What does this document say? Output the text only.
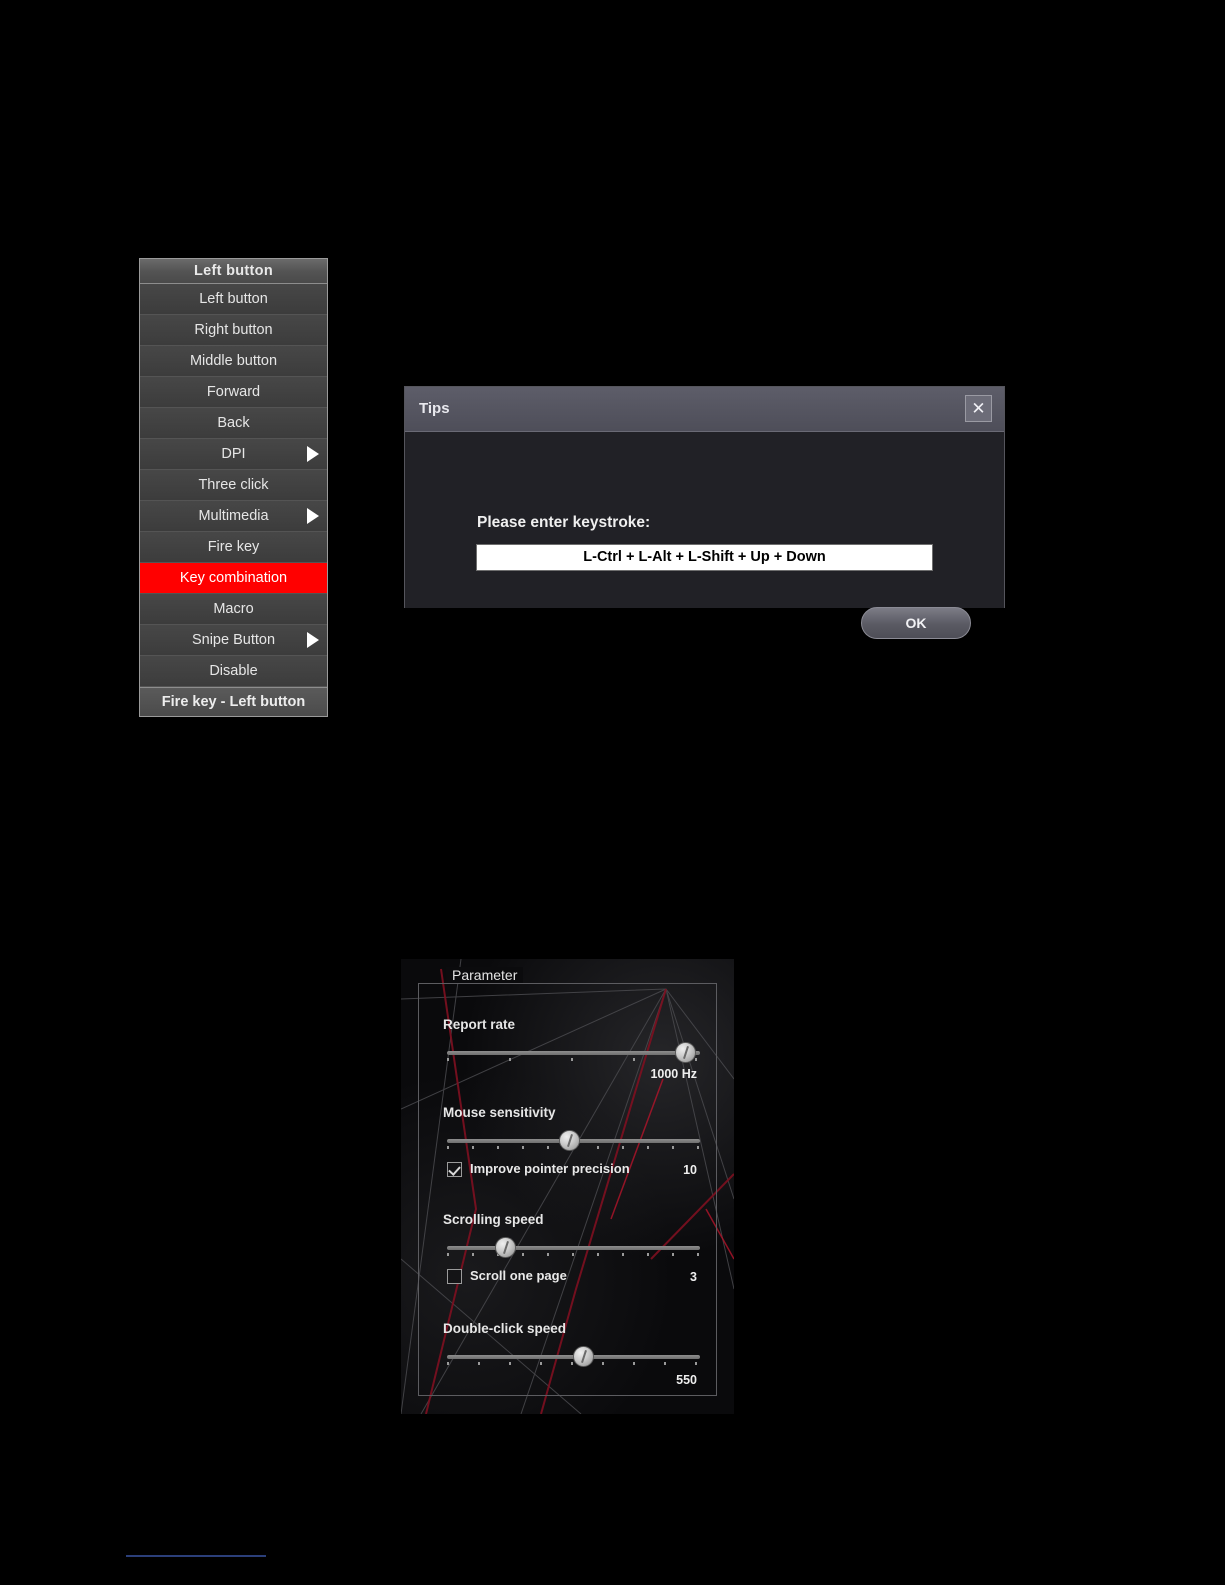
Left button
Left button
Right button
Middle button
Forward
Back
DPI
Three click
Multimedia
Fire key
Key combination
Macro
Snipe Button
Disable
Fire key - Left button
Tips	✕
Please enter keystroke:
L-Ctrl + L-Alt + L-Shift + Up + Down
OK
Parameter
Report rate
1000 Hz
Mouse sensitivity
Improve pointer precision	10
Scrolling speed
Scroll one page	3
Double-click speed
550
